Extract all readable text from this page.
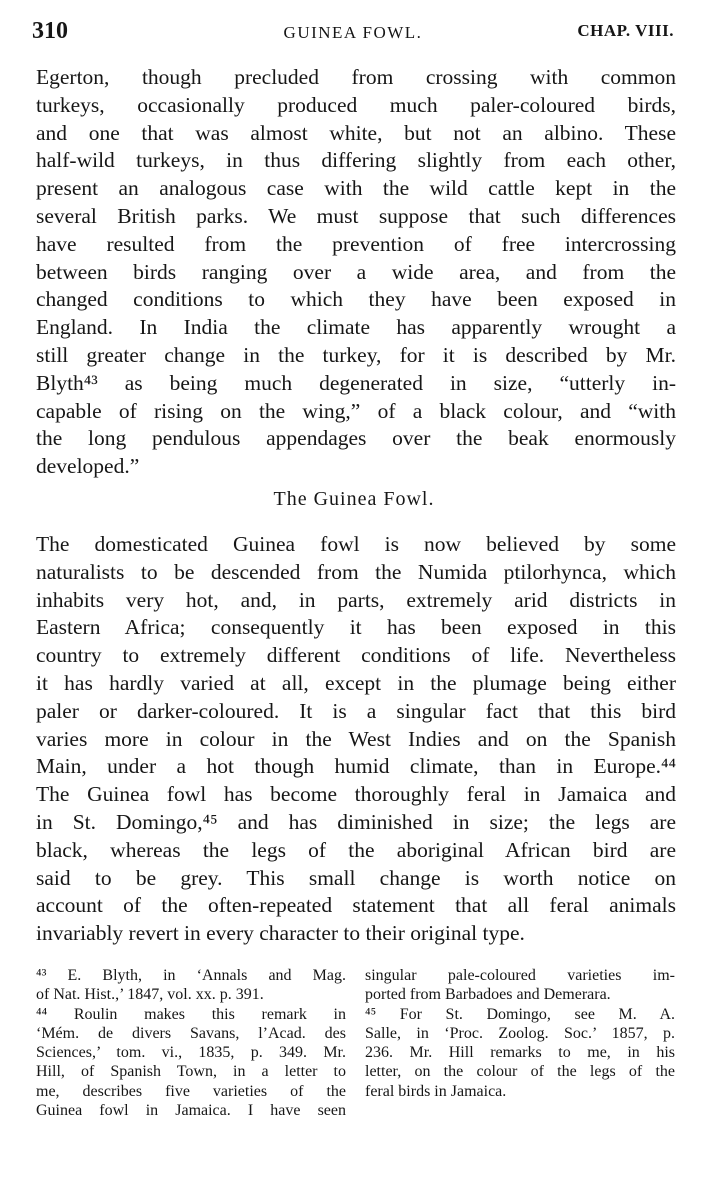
310	GUINEA FOWL.	CHAP. VIII.
Egerton, though precluded from crossing with common
turkeys, occasionally produced much paler-coloured birds,
and one that was almost white, but not an albino. These
half-wild turkeys, in thus differing slightly from each other,
present an analogous case with the wild cattle kept in the
several British parks. We must suppose that such differences
have resulted from the prevention of free intercrossing
between birds ranging over a wide area, and from the
changed conditions to which they have been exposed in
England. In India the climate has apparently wrought a
still greater change in the turkey, for it is described by Mr.
Blyth⁴³ as being much degenerated in size, “utterly in-
capable of rising on the wing,” of a black colour, and “with
the long pendulous appendages over the beak enormously
developed.”
The Guinea Fowl.
The domesticated Guinea fowl is now believed by some
naturalists to be descended from the Numida ptilorhynca, which
inhabits very hot, and, in parts, extremely arid districts in
Eastern Africa; consequently it has been exposed in this
country to extremely different conditions of life. Nevertheless
it has hardly varied at all, except in the plumage being either
paler or darker-coloured. It is a singular fact that this bird
varies more in colour in the West Indies and on the Spanish
Main, under a hot though humid climate, than in Europe.⁴⁴
The Guinea fowl has become thoroughly feral in Jamaica and
in St. Domingo,⁴⁵ and has diminished in size; the legs are
black, whereas the legs of the aboriginal African bird are
said to be grey. This small change is worth notice on
account of the often-repeated statement that all feral animals
invariably revert in every character to their original type.
⁴³ E. Blyth, in ‘Annals and Mag.
of Nat. Hist.,’ 1847, vol. xx. p. 391.
⁴⁴ Roulin makes this remark in
‘Mém. de divers Savans, l’Acad. des
Sciences,’ tom. vi., 1835, p. 349. Mr.
Hill, of Spanish Town, in a letter to
me, describes five varieties of the
Guinea fowl in Jamaica. I have seen
singular pale-coloured varieties im-
ported from Barbadoes and Demerara.
⁴⁵ For St. Domingo, see M. A.
Salle, in ‘Proc. Zoolog. Soc.’ 1857, p.
236. Mr. Hill remarks to me, in his
letter, on the colour of the legs of the
feral birds in Jamaica.
